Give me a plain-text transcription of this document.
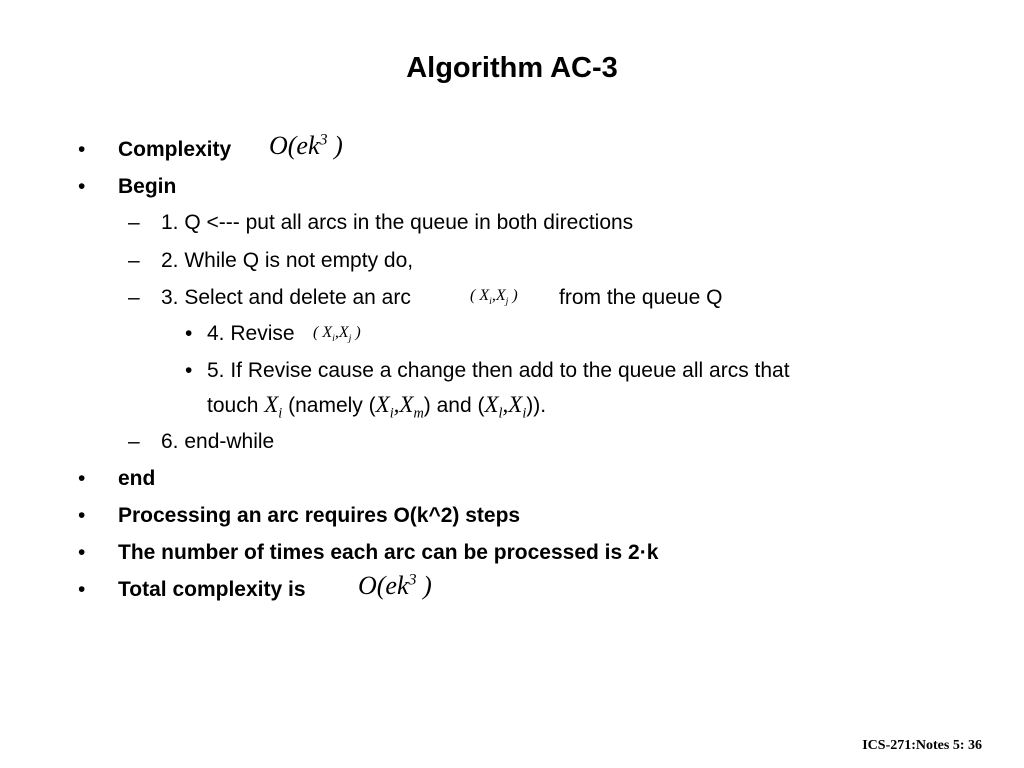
Algorithm AC-3
• Complexity $O(ek^3$ )
• Begin
– 1. Q <--- put all arcs in the queue in both directions
– 2. While Q is not empty do,
– 3. Select and delete an arc	( $X_i,X_j$ ) from the queue Q
• 4. Revise ( $X_i,X_j$ )
• 5. If Revise cause a change then add to the queue all arcs that
touch $X_i$ (namely $(X_i,X_m)$ and $(X_l,X_i)$).
– 6. end-while
• end
• Processing an arc requires O(k^2) steps
• The number of times each arc can be processed is 2·k
• Total complexity is $O(ek^3$ )
ICS-271:Notes 5: 36
